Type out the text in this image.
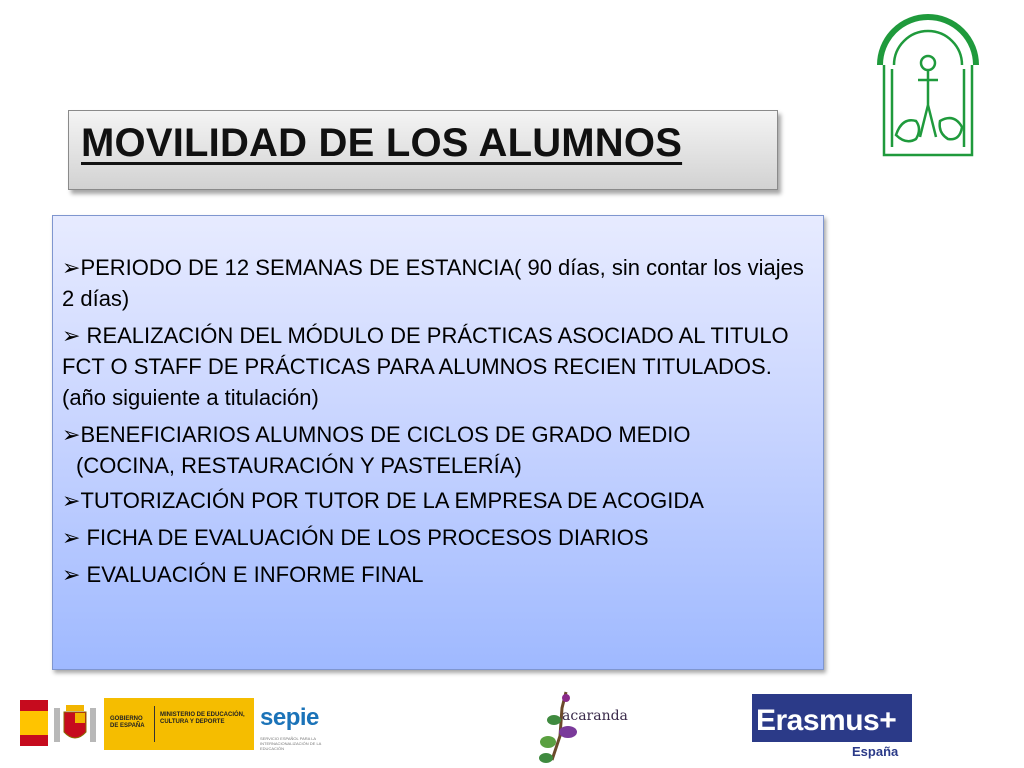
MOVILIDAD DE LOS ALUMNOS
➢PERIODO DE 12 SEMANAS DE ESTANCIA( 90 días, sin contar los viajes 2 días)
➢ REALIZACIÓN DEL MÓDULO DE PRÁCTICAS ASOCIADO AL TITULO FCT O STAFF DE PRÁCTICAS PARA ALUMNOS RECIEN TITULADOS. (año siguiente a titulación)
➢BENEFICIARIOS ALUMNOS DE CICLOS DE GRADO MEDIO
(COCINA, RESTAURACIÓN Y PASTELERÍA)
➢TUTORIZACIÓN POR TUTOR DE LA EMPRESA DE ACOGIDA
➢ FICHA DE EVALUACIÓN DE LOS PROCESOS DIARIOS
➢ EVALUACIÓN E INFORME FINAL
GOBIERNO DE ESPAÑA
MINISTERIO DE EDUCACIÓN, CULTURA Y DEPORTE	sepie
SERVICIO ESPAÑOL PARA LA INTERNACIONALIZACIÓN DE LA EDUCACIÓN
acaranda	Erasmus+
España
